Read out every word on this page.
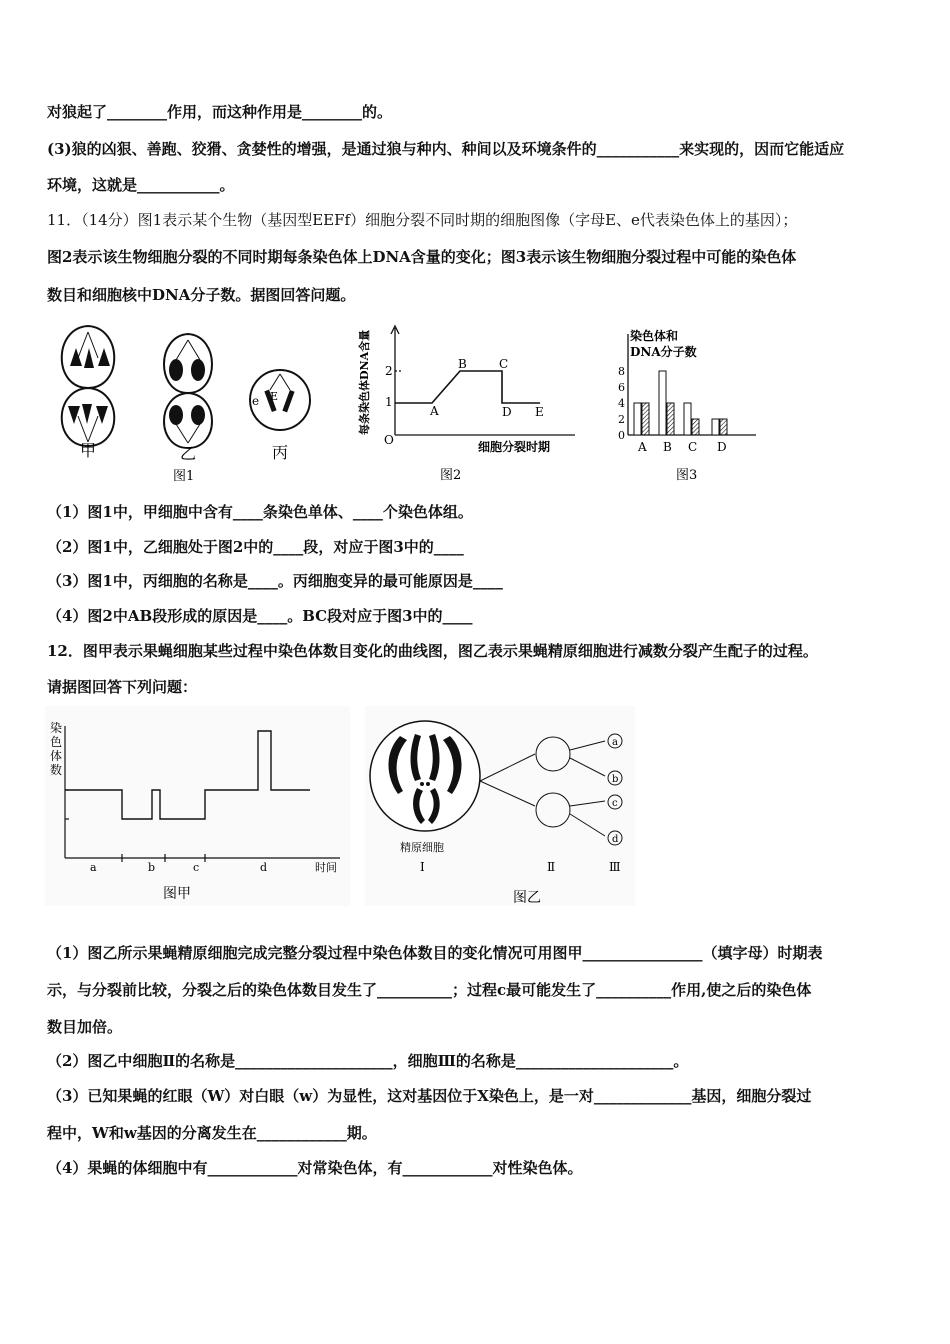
对狼起了________作用，而这种作用是________的。
(3)狼的凶狠、善跑、狡猾、贪婪性的增强，是通过狼与种内、种间以及环境条件的___________来实现的，因而它能适应
环境，这就是___________。
11．（14分）图1表示某个生物（基因型EEFf）细胞分裂不同时期的细胞图像（字母E、e代表染色体上的基因）；
图2表示该生物细胞分裂的不同时期每条染色体上DNA含量的变化；图3表示该生物细胞分裂过程中可能的染色体
数目和细胞核中DNA分子数。据图回答问题。
e E
甲	乙	丙
图1
A
B	C
D E
每条染色体DNA含量
O
1
2
细胞分裂时期
图2
染色体和
DNA分子数
0
2
4
6
8
A B C D
图3
（1）图1中，甲细胞中含有____条染色单体、____个染色体组。
（2）图1中，乙细胞处于图2中的____段，对应于图3中的____
（3）图1中，丙细胞的名称是____。丙细胞变异的最可能原因是____
（4）图2中AB段形成的原因是____。BC段对应于图3中的____
12．图甲表示果蝇细胞某些过程中染色体数目变化的曲线图，图乙表示果蝇精原细胞进行减数分裂产生配子的过程。
请据图回答下列问题：
染
色
体
数
a	b	c	d	时间
图甲
a
b
c
d
精原细胞
Ⅰ	Ⅱ	Ⅲ
图乙
（1）图乙所示果蝇精原细胞完成完整分裂过程中染色体数目的变化情况可用图甲________________（填字母）时期表
示，与分裂前比较，分裂之后的染色体数目发生了__________；过程c最可能发生了__________作用,使之后的染色体
数目加倍。
（2）图乙中细胞Ⅱ的名称是_____________________，细胞Ⅲ的名称是_____________________。
（3）已知果蝇的红眼（W）对白眼（w）为显性，这对基因位于X染色上，是一对_____________基因，细胞分裂过
程中，W和w基因的分离发生在____________期。
（4）果蝇的体细胞中有____________对常染色体，有____________对性染色体。
